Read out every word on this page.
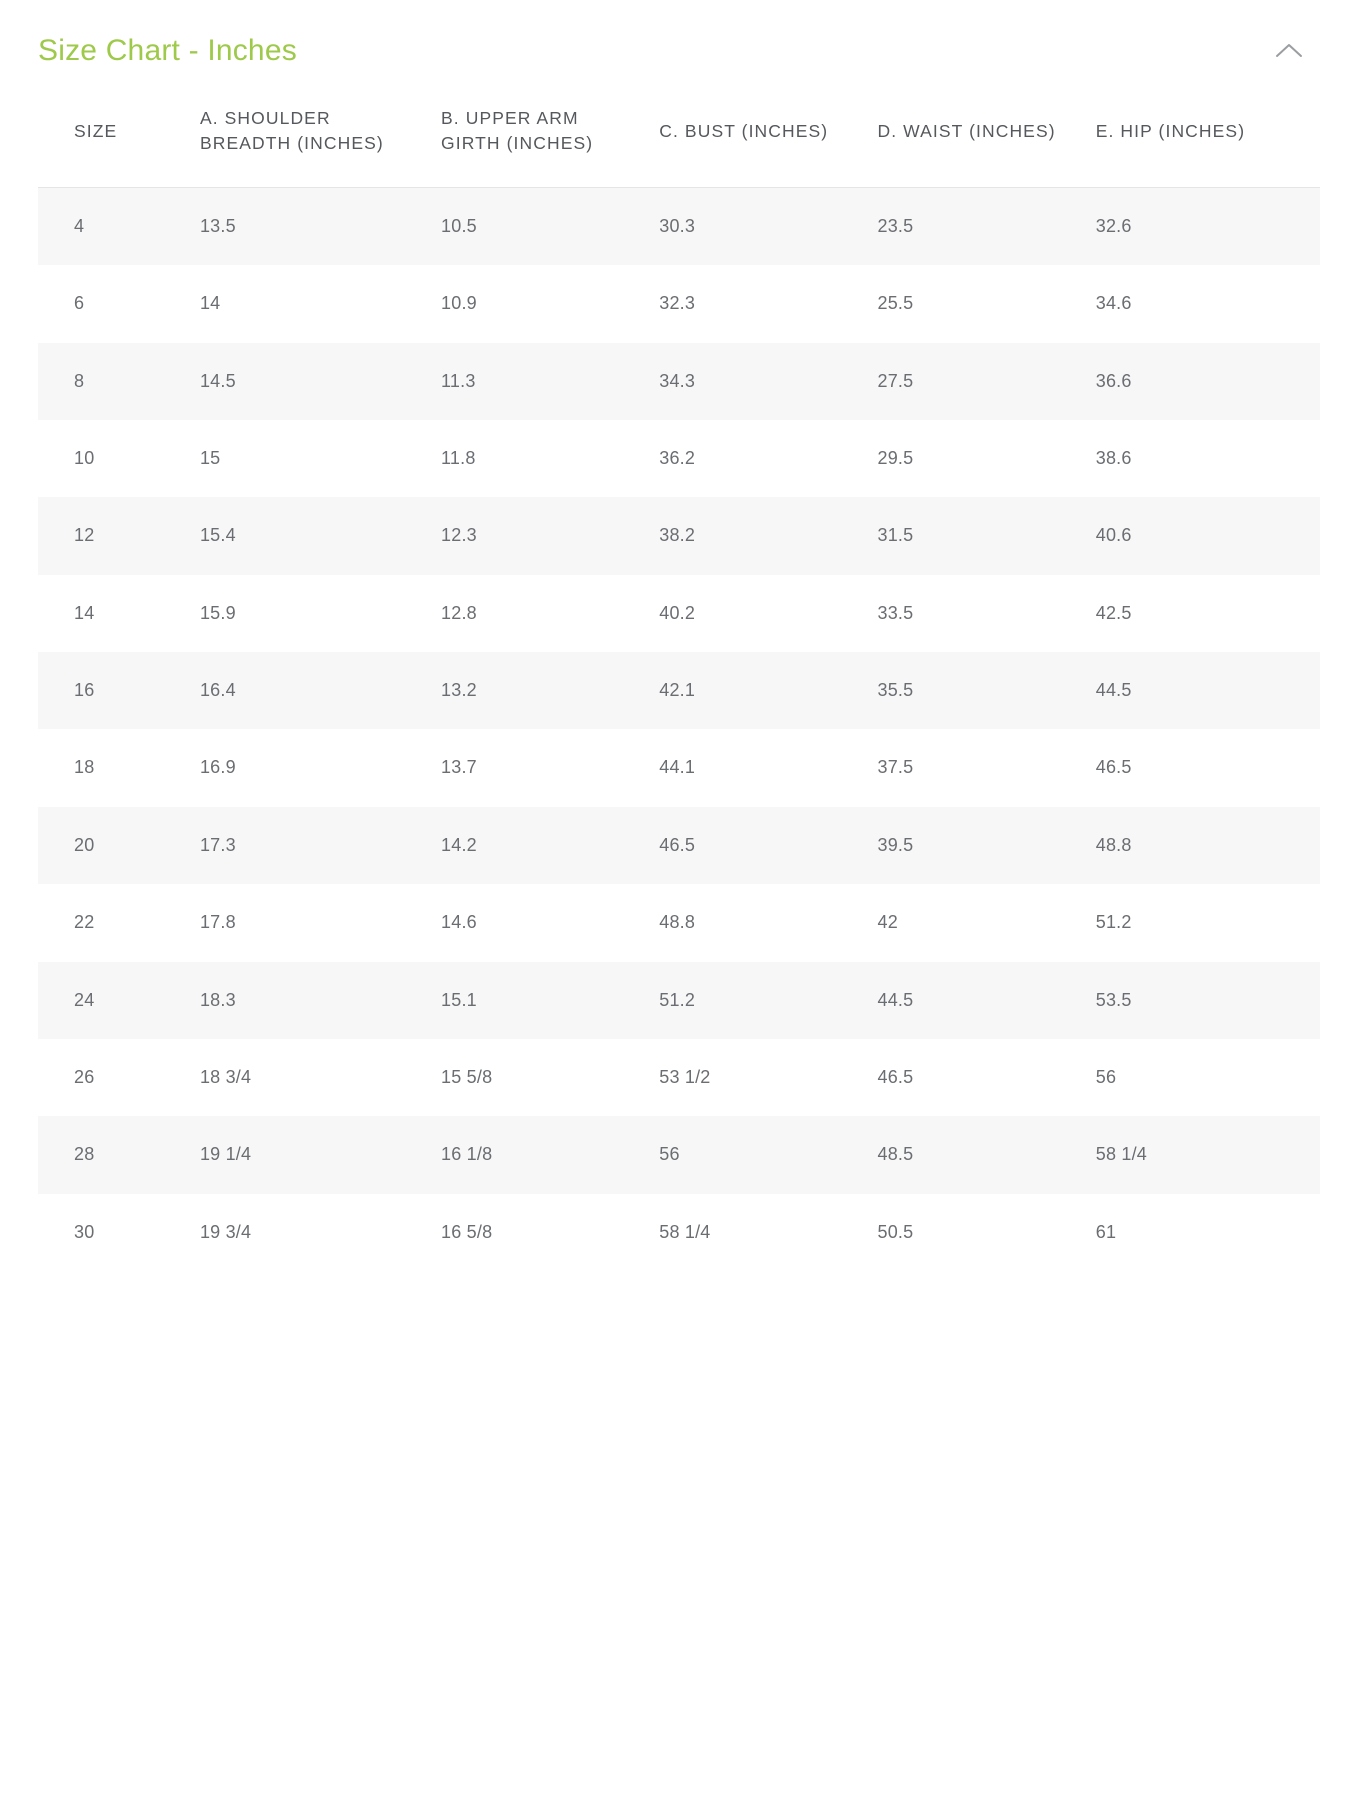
Size Chart - Inches
SIZE	A. SHOULDER BREADTH (INCHES)	B. UPPER ARM GIRTH (INCHES)	C. BUST (INCHES)	D. WAIST (INCHES)	E. HIP (INCHES)
4	13.5	10.5	30.3	23.5	32.6
6	14	10.9	32.3	25.5	34.6
8	14.5	11.3	34.3	27.5	36.6
10	15	11.8	36.2	29.5	38.6
12	15.4	12.3	38.2	31.5	40.6
14	15.9	12.8	40.2	33.5	42.5
16	16.4	13.2	42.1	35.5	44.5
18	16.9	13.7	44.1	37.5	46.5
20	17.3	14.2	46.5	39.5	48.8
22	17.8	14.6	48.8	42	51.2
24	18.3	15.1	51.2	44.5	53.5
26	18 3/4	15 5/8	53 1/2	46.5	56
28	19 1/4	16 1/8	56	48.5	58 1/4
30	19 3/4	16 5/8	58 1/4	50.5	61
